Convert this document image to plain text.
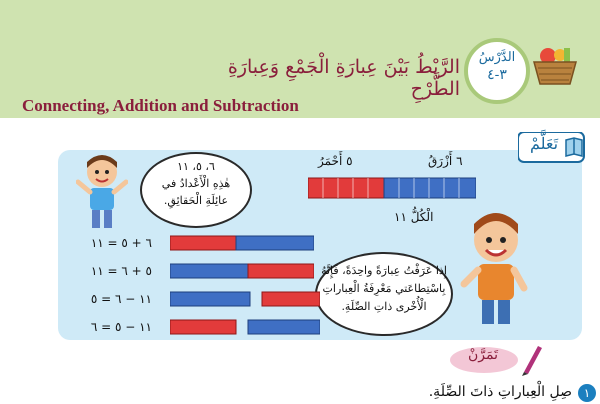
الرَّبْطُ بَيْنَ عِبارَةِ الْجَمْعِ وَعِبارَةِ الطَّرْحِ
Connecting, Addition and Subtraction
الدَّرْسُ
٣-٤
تَعَلَّمْ
٦ أَزْرَقُ
٥ أَحْمَرُ
الْكُلُّ ١١
٦، ٥، ١١
هٰذِهِ الْأَعْدادُ في
عائِلَةِ الْحَقائِقِ.
إِذا عَرَفْتُ عِبارَةً واحِدَةً، فَإِنَّهُ
بِاسْتِطاعَتي مَعْرِفَةُ الْعِباراتِ
الْأُخْرى ذاتِ الصِّلَةِ.
٦ + ٥ = ١١
٥ + ٦ = ١١
١١ − ٦ = ٥
١١ − ٥ = ٦
تَمَرَّنْ
١
صِلِ الْعِباراتِ ذاتَ الصِّلَةِ.
